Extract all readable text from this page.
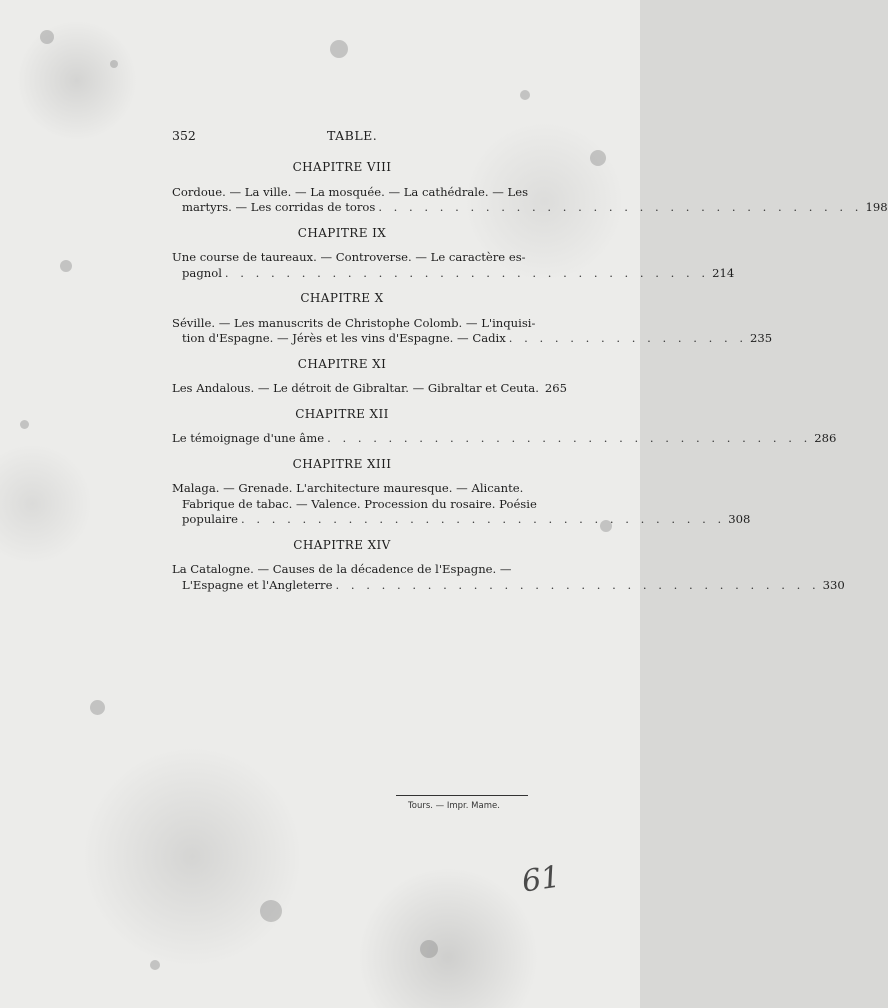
352	TABLE.
CHAPITRE VIII
Cordoue. — La ville. — La mosquée. — La cathédrale. — Les
martyrs. — Les corridas de toros . . . . . . . . . . . . . . . . . . . . . . . . . . . . . . . . 198
CHAPITRE IX
Une course de taureaux. — Controverse. — Le caractère es-
pagnol . . . . . . . . . . . . . . . . . . . . . . . . . . . . . . . . 214
CHAPITRE X
Séville. — Les manuscrits de Christophe Colomb. — L'inquisi-
tion d'Espagne. — Jérès et les vins d'Espagne. — Cadix . . . . . . . . . . . . . . . . 235
CHAPITRE XI
Les Andalous. — Le détroit de Gibraltar. — Gibraltar et Ceuta. 265
CHAPITRE XII
Le témoignage d'une âme . . . . . . . . . . . . . . . . . . . . . . . . . . . . . . . . 286
CHAPITRE XIII
Malaga. — Grenade. L'architecture mauresque. — Alicante.
Fabrique de tabac. — Valence. Procession du rosaire. Poésie
populaire . . . . . . . . . . . . . . . . . . . . . . . . . . . . . . . . 308
CHAPITRE XIV
La Catalogne. — Causes de la décadence de l'Espagne. —
L'Espagne et l'Angleterre . . . . . . . . . . . . . . . . . . . . . . . . . . . . . . . . 330
Tours. — Impr. Mame.
61
